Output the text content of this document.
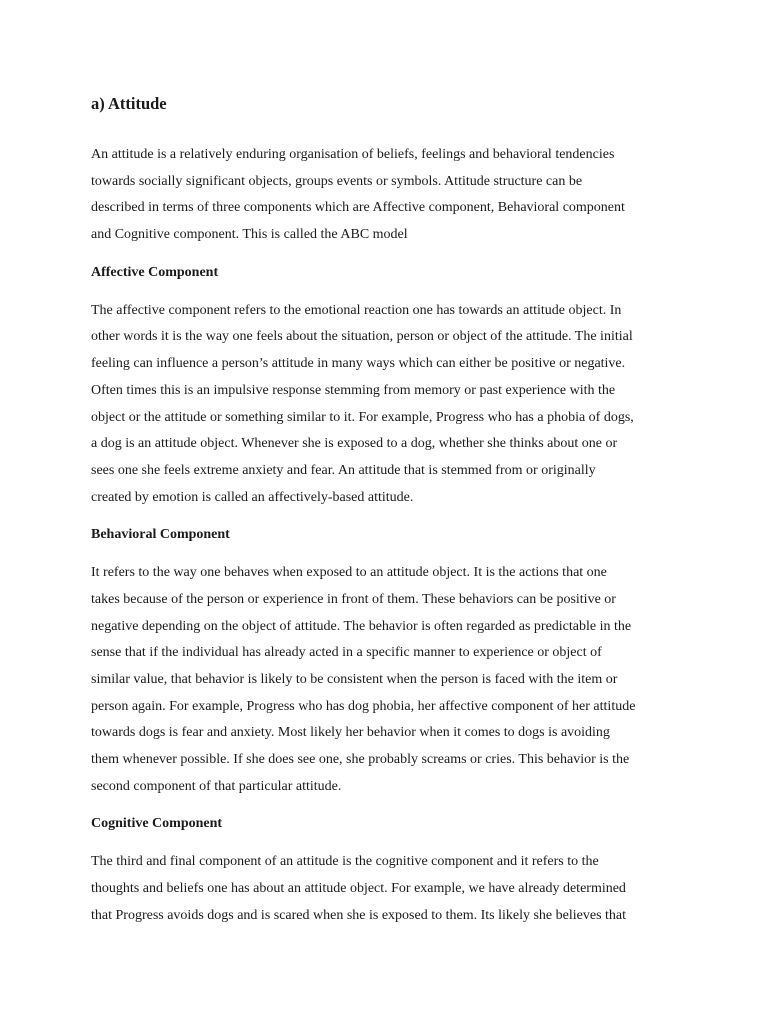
a) Attitude

An attitude is a relatively enduring organisation of beliefs, feelings and behavioral tendencies
towards socially significant objects, groups events or symbols. Attitude structure can be
described in terms of three components which are Affective component, Behavioral component
and Cognitive component. This is called the ABC model

Affective Component

The affective component refers to the emotional reaction one has towards an attitude object. In
other words it is the way one feels about the situation, person or object of the attitude. The initial
feeling can influence a person’s attitude in many ways which can either be positive or negative.
Often times this is an impulsive response stemming from memory or past experience with the
object or the attitude or something similar to it. For example, Progress who has a phobia of dogs,
a dog is an attitude object. Whenever she is exposed to a dog, whether she thinks about one or
sees one she feels extreme anxiety and fear. An attitude that is stemmed from or originally
created by emotion is called an affectively-based attitude.

Behavioral Component

It refers to the way one behaves when exposed to an attitude object. It is the actions that one
takes because of the person or experience in front of them. These behaviors can be positive or
negative depending on the object of attitude. The behavior is often regarded as predictable in the
sense that if the individual has already acted in a specific manner to experience or object of
similar value, that behavior is likely to be consistent when the person is faced with the item or
person again. For example, Progress who has dog phobia, her affective component of her attitude
towards dogs is fear and anxiety. Most likely her behavior when it comes to dogs is avoiding
them whenever possible. If she does see one, she probably screams or cries. This behavior is the
second component of that particular attitude.

Cognitive Component

The third and final component of an attitude is the cognitive component and it refers to the
thoughts and beliefs one has about an attitude object. For example, we have already determined
that Progress avoids dogs and is scared when she is exposed to them. Its likely she believes that
